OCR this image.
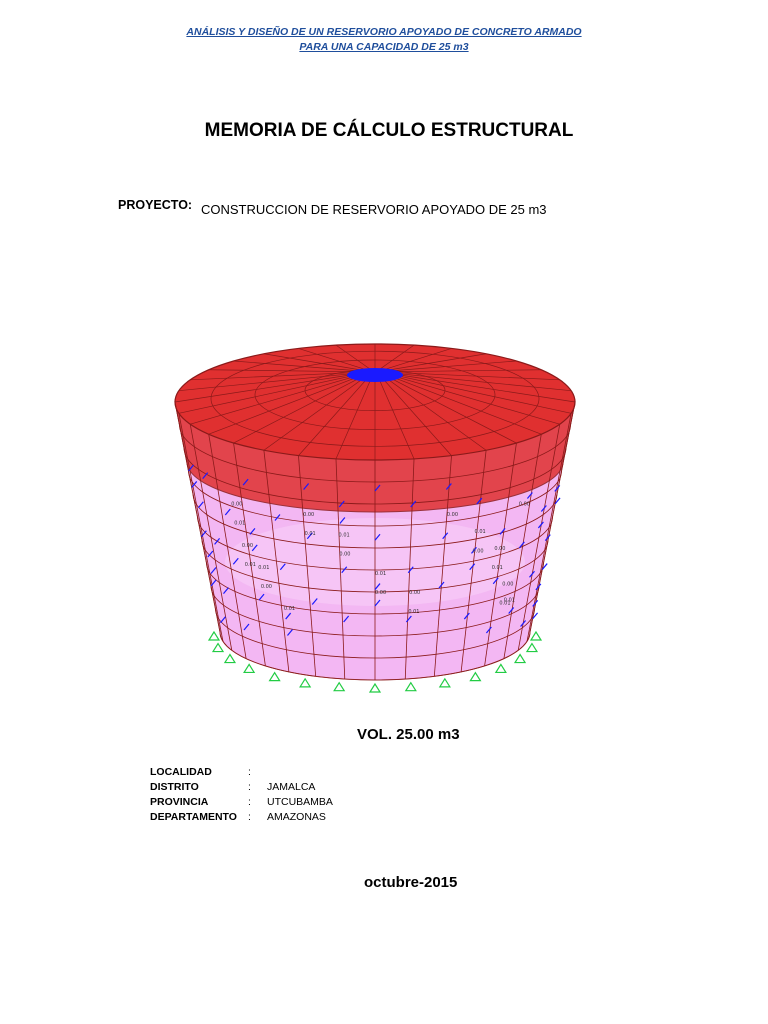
ANÁLISIS Y DISEÑO DE UN RESERVORIO APOYADO DE CONCRETO ARMADO
PARA UNA CAPACIDAD DE 25 m3
MEMORIA DE CÁLCULO ESTRUCTURAL
PROYECTO: CONSTRUCCION DE RESERVORIO APOYADO DE 25 m3
0.00
0.01
0.00
0.01
0.00
0.01
0.00
0.01
0.00
0.01
0.00
0.01
0.00
0.01
0.00
0.01
0.00
0.01
0.00
0.01
0.00
0.01
0.00
0.01
VOL. 25.00 m3
LOCALIDAD	:
DISTRITO	:	JAMALCA
PROVINCIA	:	UTCUBAMBA
DEPARTAMENTO	:	AMAZONAS
octubre-2015
